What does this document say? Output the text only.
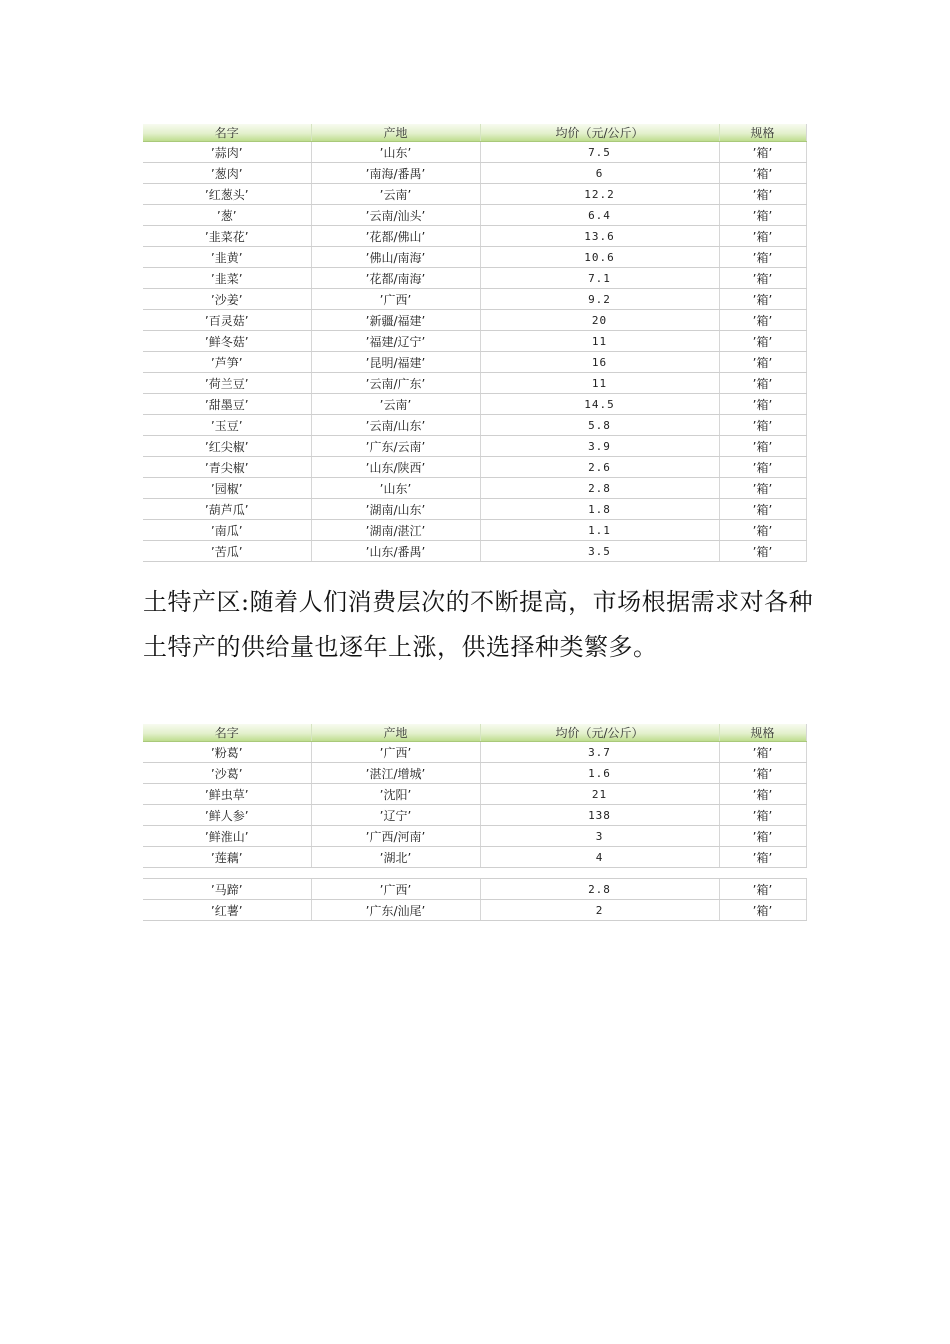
名字	产地	均价（元/公斤）	规格
’蒜肉’	’山东’	7.5	’箱’
’葱肉’	’南海/番禺’	6	’箱’
’红葱头’	’云南’	12.2	’箱’
’葱’	’云南/汕头’	6.4	’箱’
’韭菜花’	’花都/佛山’	13.6	’箱’
’韭黄’	’佛山/南海’	10.6	’箱’
’韭菜’	’花都/南海’	7.1	’箱’
’沙姜’	’广西’	9.2	’箱’
’百灵菇’	’新疆/福建’	20	’箱’
’鲜冬菇’	’福建/辽宁’	11	’箱’
’芦笋’	’昆明/福建’	16	’箱’
’荷兰豆’	’云南/广东’	11	’箱’
’甜墨豆’	’云南’	14.5	’箱’
’玉豆’	’云南/山东’	5.8	’箱’
’红尖椒’	’广东/云南’	3.9	’箱’
’青尖椒’	’山东/陕西’	2.6	’箱’
’园椒’	’山东’	2.8	’箱’
’葫芦瓜’	’湖南/山东’	1.8	’箱’
’南瓜’	’湖南/湛江’	1.1	’箱’
’苦瓜’	’山东/番禺’	3.5	’箱’

土特产区:随着人们消费层次的不断提高，市场根据需求对各种土特产的供给量也逐年上涨，供选择种类繁多。

名字	产地	均价（元/公斤）	规格
’粉葛’	’广西’	3.7	’箱’
’沙葛’	’湛江/增城’	1.6	’箱’
’鲜虫草’	’沈阳’	21	’箱’
’鲜人参’	’辽宁’	138	’箱’
’鲜淮山’	’广西/河南’	3	’箱’
’莲藕’	’湖北’	4	’箱’

’马蹄’	’广西’	2.8	’箱’
’红薯’	’广东/汕尾’	2	’箱’
